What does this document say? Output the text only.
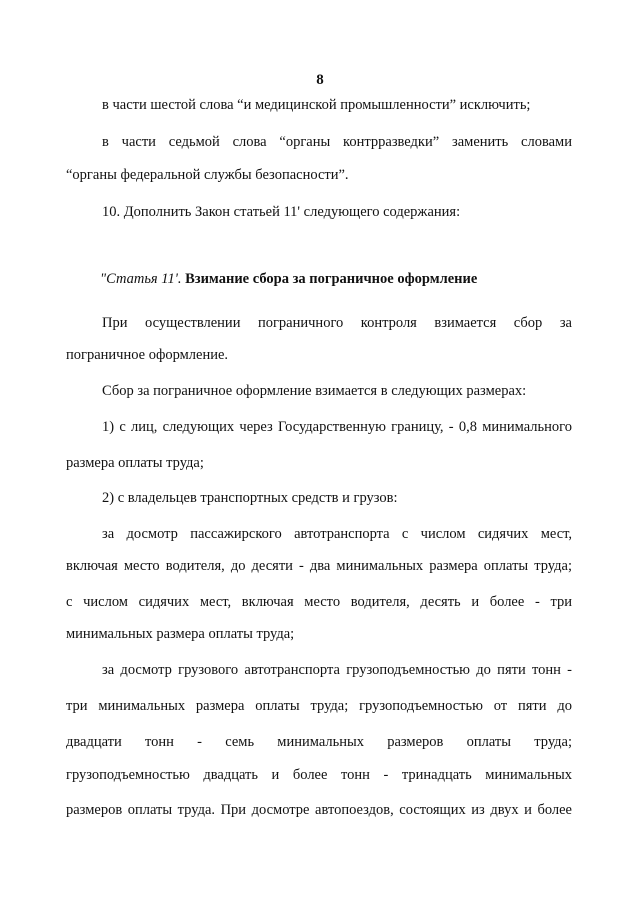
8
в части шестой слова “и медицинской промышленности” исключить;
в части седьмой слова “органы контрразведки” заменить словами
“органы федеральной службы безопасности”.
10. Дополнить Закон статьей 11' следующего содержания:
"Статья 11'. Взимание сбора за пограничное оформление
При осуществлении пограничного контроля взимается сбор за
пограничное оформление.
Сбор за пограничное оформление взимается в следующих размерах:
1) с лиц, следующих через Государственную границу, - 0,8 минимального
размера оплаты труда;
2) с владельцев транспортных средств и грузов:
за досмотр пассажирского автотранспорта с числом сидячих мест,
включая место водителя, до десяти - два минимальных размера оплаты труда;
с числом сидячих мест, включая место водителя, десять и более - три
минимальных размера оплаты труда;
за досмотр грузового автотранспорта грузоподъемностью до пяти тонн -
три минимальных размера оплаты труда; грузоподъемностью от пяти до
двадцати тонн - семь минимальных размеров оплаты труда;
грузоподъемностью двадцать и более тонн - тринадцать минимальных
размеров оплаты труда. При досмотре автопоездов, состоящих из двух и более
